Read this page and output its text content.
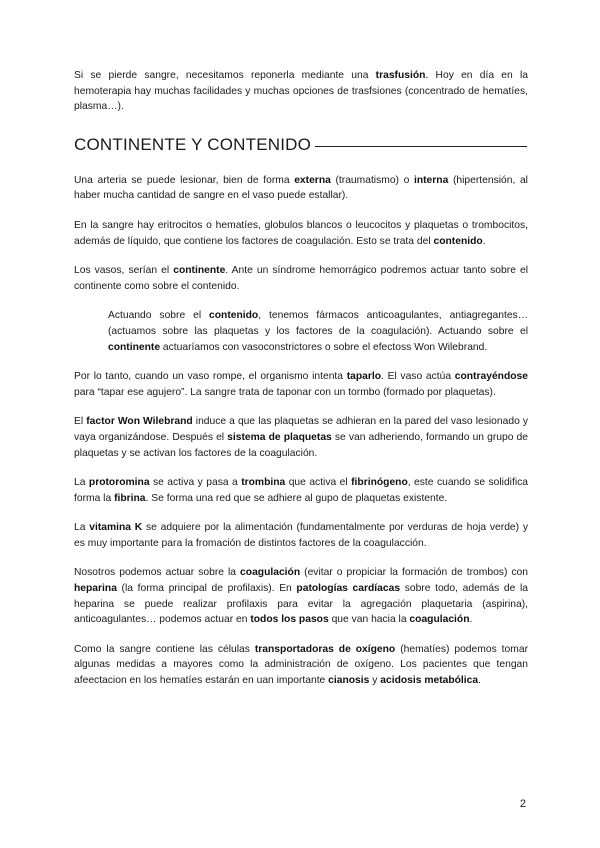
Si se pierde sangre, necesitamos reponerla mediante una trasfusión. Hoy en día en la hemoterapia hay muchas facilidades y muchas opciones de trasfsiones (concentrado de hematíes, plasma…).

CONTINENTE Y CONTENIDO

Una arteria se puede lesionar, bien de forma externa (traumatismo) o interna (hipertensión, al haber mucha cantidad de sangre en el vaso puede estallar).

En la sangre hay eritrocitos o hematíes, globulos blancos o leucocitos y plaquetas o trombocitos, además de líquido, que contiene los factores de coagulación. Esto se trata del contenido.

Los vasos, serían el continente. Ante un síndrome hemorrágico podremos actuar tanto sobre el continente como sobre el contenido.

Actuando sobre el contenido, tenemos fármacos anticoagulantes, antiagregantes… (actuamos sobre las plaquetas y los factores de la coagulación). Actuando sobre el continente actuaríamos con vasoconstrictores o sobre el efectoss Won Wilebrand.

Por lo tanto, cuando un vaso rompe, el organismo intenta taparlo. El vaso actúa contrayéndose para “tapar ese agujero”. La sangre trata de taponar con un tormbo (formado por plaquetas).

El factor Won Wilebrand induce a que las plaquetas se adhieran en la pared del vaso lesionado y vaya organizándose. Después el sistema de plaquetas se van adheriendo, formando un grupo de plaquetas y se activan los factores de la coagulación.

La protoromina se activa y pasa a trombina que activa el fibrinógeno, este cuando se solidifica forma la fibrina. Se forma una red que se adhiere al gupo de plaquetas existente.

La vitamina K se adquiere por la alimentación (fundamentalmente por verduras de hoja verde) y es muy importante para la fromación de distintos factores de la coagulacción.

Nosotros podemos actuar sobre la coagulación (evitar o propiciar la formación de trombos) con heparina (la forma principal de profilaxis). En patologías cardíacas sobre todo, además de la heparina se puede realizar profilaxis para evitar la agregación plaquetaria (aspirina), anticoagulantes… podemos actuar en todos los pasos que van hacia la coagulación.

Como la sangre contiene las células transportadoras de oxígeno (hematíes) podemos tomar algunas medidas a mayores como la administración de oxígeno. Los pacientes que tengan afeectacion en los hematíes estarán en uan importante cianosis y acidosis metabólica.

2
